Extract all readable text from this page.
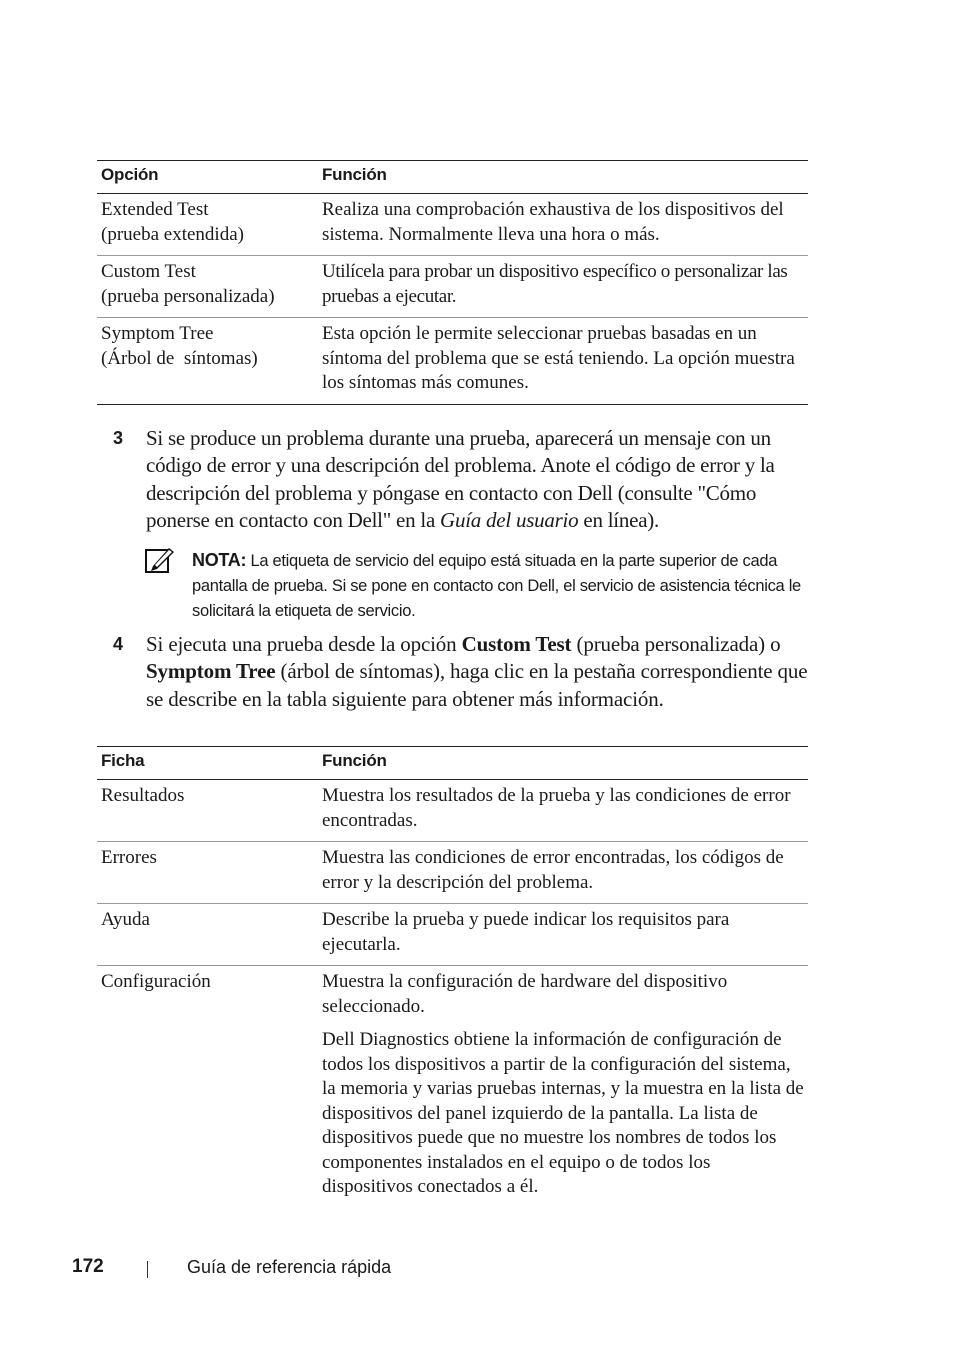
Opción	Función
Extended Test
(prueba extendida)	Realiza una comprobación exhaustiva de los dispositivos del sistema. Normalmente lleva una hora o más.
Custom Test
(prueba personalizada)	Utilícela para probar un dispositivo específico o personalizar las pruebas a ejecutar.
Symptom Tree
(Árbol de  síntomas)	Esta opción le permite seleccionar pruebas basadas en un síntoma del problema que se está teniendo. La opción muestra los síntomas más comunes.
3 Si se produce un problema durante una prueba, aparecerá un mensaje con un código de error y una descripción del problema. Anote el código de error y la descripción del problema y póngase en contacto con Dell (consulte "Cómo ponerse en contacto con Dell" en la Guía del usuario en línea).
NOTA: La etiqueta de servicio del equipo está situada en la parte superior de cada pantalla de prueba. Si se pone en contacto con Dell, el servicio de asistencia técnica le solicitará la etiqueta de servicio.
4 Si ejecuta una prueba desde la opción Custom Test (prueba personalizada) o Symptom Tree (árbol de síntomas), haga clic en la pestaña correspondiente que se describe en la tabla siguiente para obtener más información.
Ficha	Función
Resultados	Muestra los resultados de la prueba y las condiciones de error encontradas.

Errores	Muestra las condiciones de error encontradas, los códigos de error y la descripción del problema.

Ayuda	Describe la prueba y puede indicar los requisitos para ejecutarla.

Configuración	Muestra la configuración de hardware del dispositivo seleccionado.

Dell Diagnostics obtiene la información de configuración de todos los dispositivos a partir de la configuración del sistema, la memoria y varias pruebas internas, y la muestra en la lista de dispositivos del panel izquierdo de la pantalla. La lista de dispositivos puede que no muestre los nombres de todos los componentes instalados en el equipo o de todos los dispositivos conectados a él.

172	Guía de referencia rápida
